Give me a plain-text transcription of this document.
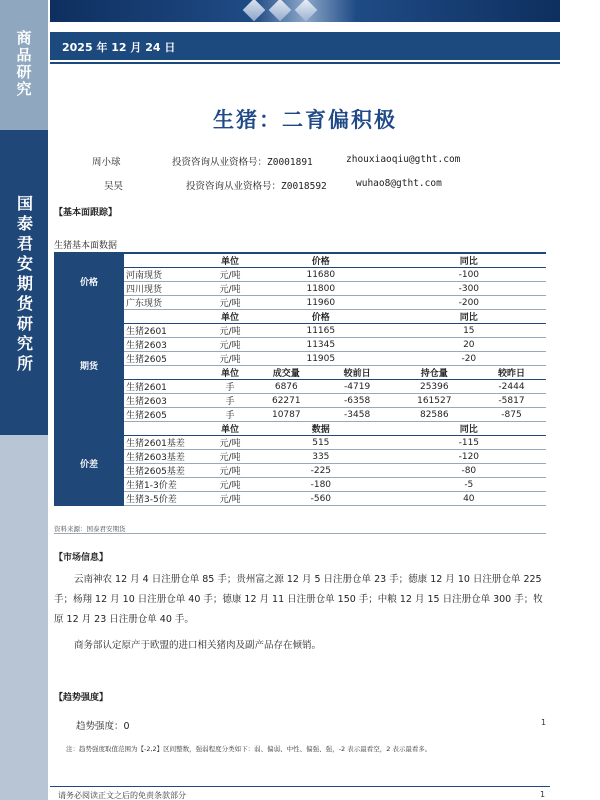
商品研究
国泰君安期货研究所
2025 年 12 月 24 日
生猪：二育偏积极
周小球	投资咨询从业资格号：Z0001891	zhouxiaoqiu@gtht.com
吴昊	投资咨询从业资格号：Z0018592	wuhao8@gtht.com
【基本面跟踪】
生猪基本面数据
价格		单位	价格		同比	
	河南现货	元/吨	11680		-100	
	四川现货	元/吨	11800		-300	
	广东现货	元/吨	11960		-200	
期货		单位	价格		同比	
	生猪2601	元/吨	11165		15	
	生猪2603	元/吨	11345		20	
	生猪2605	元/吨	11905		-20	
		单位	成交量	较前日	持仓量	较昨日
	生猪2601	手	6876	-4719	25396	-2444
	生猪2603	手	62271	-6358	161527	-5817
	生猪2605	手	10787	-3458	82586	-875
价差		单位	数据		同比	
	生猪2601基差	元/吨	515		-115	
	生猪2603基差	元/吨	335		-120	
	生猪2605基差	元/吨	-225		-80	
	生猪1-3价差	元/吨	-180		-5	
	生猪3-5价差	元/吨	-560		40	
资料来源：国泰君安期货
【市场信息】

云南神农 12 月 4 日注册仓单 85 手；贵州富之源 12 月 5 日注册仓单 23 手；德康 12 月 10 日注册仓单 225 手；杨翔 12 月 10 日注册仓单 40 手；德康 12 月 11 日注册仓单 150 手；中粮 12 月 15 日注册仓单 300 手；牧原 12 月 23 日注册仓单 40 手。

商务部认定原产于欧盟的进口相关猪肉及副产品存在倾销。

【趋势强度】
趋势强度：0	1
注：趋势强度取值范围为【-2,2】区间整数，强弱程度分类如下：弱、偏弱、中性、偏强、强，-2 表示最看空，2 表示最看多。
请务必阅读正文之后的免责条款部分	1
